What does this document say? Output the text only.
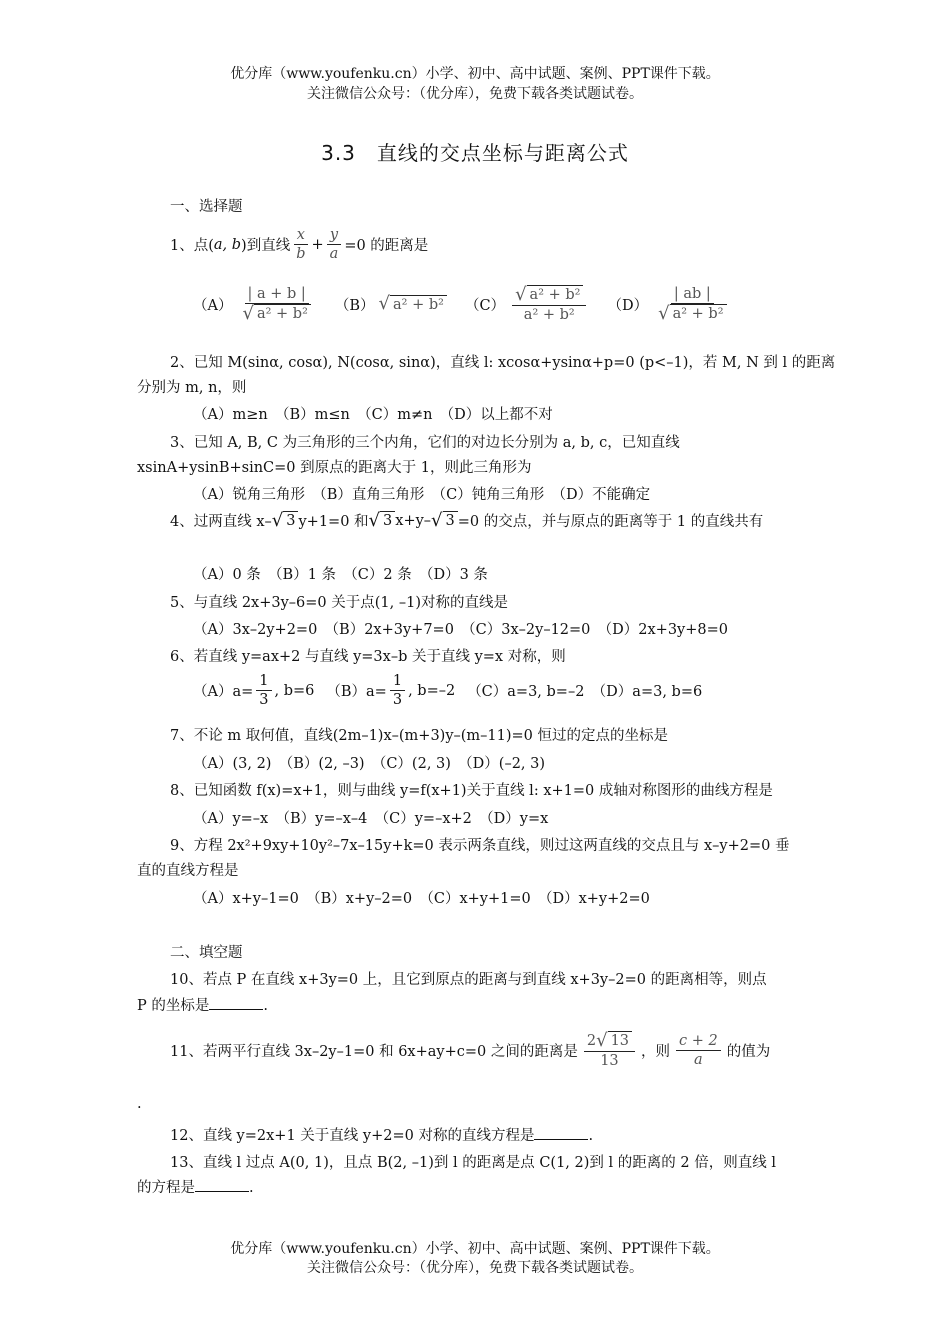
优分库（www.youfenku.cn）小学、初中、高中试题、案例、PPT课件下载。
关注微信公众号：（优分库），免费下载各类试题试卷。
3.3　直线的交点坐标与距离公式
一、选择题
1、点( a, b )到直线 $\frac{x}{b} + \frac{y}{a} =0$ 的距离是
$(A) \frac{| a + b |}{\text{√ a² + b²}} (B)$ √ a² + b² $(C) \frac{\text{√ a² + b²}}{\text{a² + b²}} (D) \frac{| ab |}{\text{√ a² + b²}}$
2、已知 M(sinα, cosα), N(cosα, sinα)，直线 l: xcosα+ysinα+p=0 (p<–1)，若 M, N 到 l 的距离
分别为 m, n，则
（A）m≥n　（B）m≤n　（C）m≠n　（D）以上都不对
3、已知 A, B, C 为三角形的三个内角，它们的对边长分别为 a, b, c，已知直线
xsinA+ysinB+sinC=0 到原点的距离大于 1，则此三角形为
（A）锐角三角形　（B）直角三角形　（C）钝角三角形　（D）不能确定
4、过两直线 x– √ 3 y+1=0 和 √ 3 x+y– √ 3 =0 的交点，并与原点的距离等于 1 的直线共有
（A）0 条　（B）1 条　（C）2 条　（D）3 条
5、与直线 2x+3y–6=0 关于点(1, –1)对称的直线是
（A）3x–2y+2=0　（B）2x+3y+7=0　（C）3x–2y–12=0　（D）2x+3y+8=0
6、若直线 y=ax+2 与直线 y=3x–b 关于直线 y=x 对称，则
$(A)a= \frac{1}{3}$ , b=6 $(B)a= \frac{1}{3}$ , b=–2 （C）a=3, b=–2　（D）a=3, b=6
7、不论 m 取何值，直线(2m–1)x–(m+3)y–(m–11)=0 恒过的定点的坐标是
（A）(3, 2)　（B）(2, –3)　（C）(2, 3)　（D）(–2, 3)
8、已知函数 f(x)=x+1，则与曲线 y=f(x+1)关于直线 l: x+1=0 成轴对称图形的曲线方程是
（A）y=–x　（B）y=–x–4　（C）y=–x+2　（D）y=x
9、方程 2x²+9xy+10y²–7x–15y+k=0 表示两条直线，则过这两直线的交点且与 x–y+2=0 垂
直的直线方程是
（A）x+y–1=0　（B）x+y–2=0　（C）x+y+1=0　（D）x+y+2=0
二、填空题
10、若点 P 在直线 x+3y=0 上，且它到原点的距离与到直线 x+3y–2=0 的距离相等，则点
P 的坐标是	.
11、若两平行直线 3x–2y–1=0 和 6x+ay+c=0 之间的距离是 $\frac{2 √ 13}{13}$ ，则 $\frac{c + 2}{a}$ 的值为
.
12、直线 y=2x+1 关于直线 y+2=0 对称的直线方程是	.
13、直线 l 过点 A(0, 1)，且点 B(2, –1)到 l 的距离是点 C(1, 2)到 l 的距离的 2 倍，则直线 l
的方程是	.
优分库（www.youfenku.cn）小学、初中、高中试题、案例、PPT课件下载。
关注微信公众号：（优分库），免费下载各类试题试卷。
